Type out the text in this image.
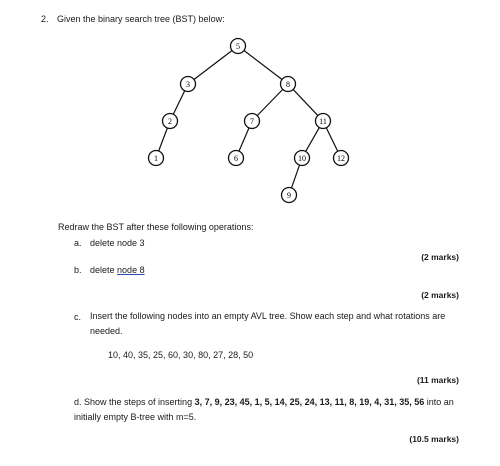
2. Given the binary search tree (BST) below:
5
3	8
2	7	11
1	6	10	12
9
Redraw the BST after these following operations:
a. delete node 3
(2 marks)
b. delete node 8
(2 marks)
c. Insert the following nodes into an empty AVL tree. Show each step and what rotations are needed.
10, 40, 35, 25, 60, 30, 80, 27, 28, 50
(11 marks)
d. Show the steps of inserting 3, 7, 9, 23, 45, 1, 5, 14, 25, 24, 13, 11, 8, 19, 4, 31, 35, 56 into an initially empty B-tree with m=5.
(10.5 marks)
